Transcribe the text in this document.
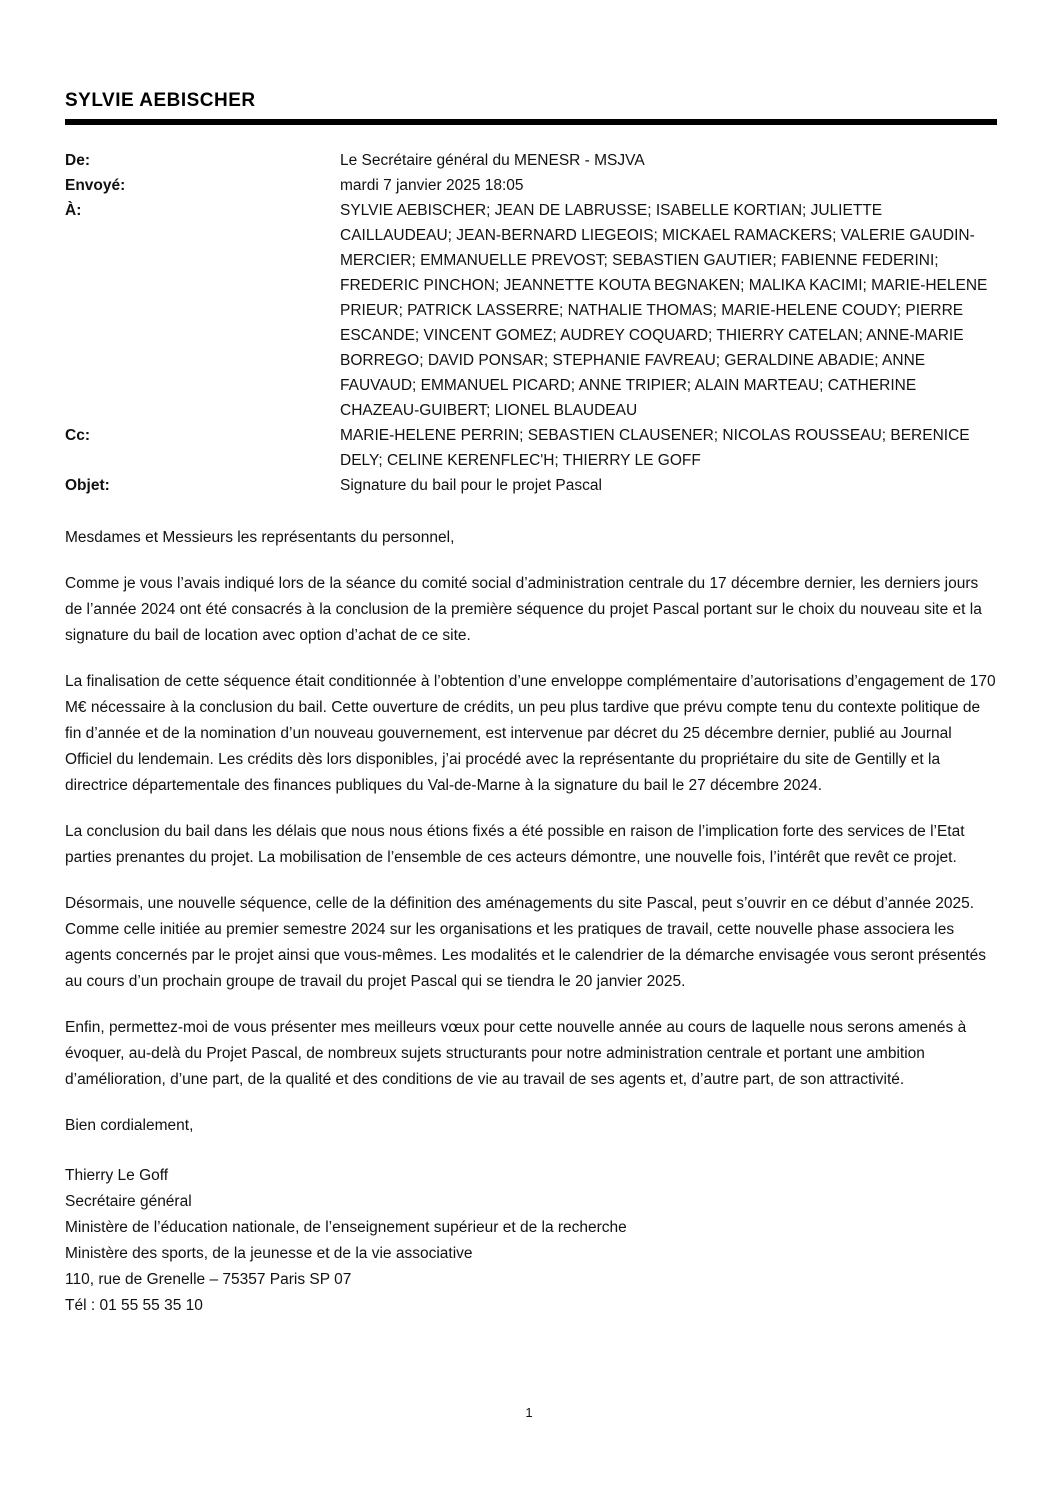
SYLVIE AEBISCHER
De:	Le Secrétaire général du MENESR - MSJVA
Envoyé:	mardi 7 janvier 2025 18:05
À:	SYLVIE AEBISCHER; JEAN DE LABRUSSE; ISABELLE KORTIAN; JULIETTE CAILLAUDEAU; JEAN-BERNARD LIEGEOIS; MICKAEL RAMACKERS; VALERIE GAUDIN-MERCIER; EMMANUELLE PREVOST; SEBASTIEN GAUTIER; FABIENNE FEDERINI; FREDERIC PINCHON; JEANNETTE KOUTA BEGNAKEN; MALIKA KACIMI; MARIE-HELENE PRIEUR; PATRICK LASSERRE; NATHALIE THOMAS; MARIE-HELENE COUDY; PIERRE ESCANDE; VINCENT GOMEZ; AUDREY COQUARD; THIERRY CATELAN; ANNE-MARIE BORREGO; DAVID PONSAR; STEPHANIE FAVREAU; GERALDINE ABADIE; ANNE FAUVAUD; EMMANUEL PICARD; ANNE TRIPIER; ALAIN MARTEAU; CATHERINE CHAZEAU-GUIBERT; LIONEL BLAUDEAU
Cc:	MARIE-HELENE PERRIN; SEBASTIEN CLAUSENER; NICOLAS ROUSSEAU; BERENICE DELY; CELINE KERENFLEC'H; THIERRY LE GOFF
Objet:	Signature du bail pour le projet Pascal

Mesdames et Messieurs les représentants du personnel,

Comme je vous l’avais indiqué lors de la séance du comité social d’administration centrale du 17 décembre dernier, les derniers jours de l’année 2024 ont été consacrés à la conclusion de la première séquence du projet Pascal portant sur le choix du nouveau site et la signature du bail de location avec option d’achat de ce site.

La finalisation de cette séquence était conditionnée à l’obtention d’une enveloppe complémentaire d’autorisations d’engagement de 170 M€ nécessaire à la conclusion du bail. Cette ouverture de crédits, un peu plus tardive que prévu compte tenu du contexte politique de fin d’année et de la nomination d’un nouveau gouvernement, est intervenue par décret du 25 décembre dernier, publié au Journal Officiel du lendemain. Les crédits dès lors disponibles, j’ai procédé avec la représentante du propriétaire du site de Gentilly et la directrice départementale des finances publiques du Val-de-Marne à la signature du bail le 27 décembre 2024.

La conclusion du bail dans les délais que nous nous étions fixés a été possible en raison de l’implication forte des services de l’Etat parties prenantes du projet. La mobilisation de l’ensemble de ces acteurs démontre, une nouvelle fois, l’intérêt que revêt ce projet.

Désormais, une nouvelle séquence, celle de la définition des aménagements du site Pascal, peut s’ouvrir en ce début d’année 2025. Comme celle initiée au premier semestre 2024 sur les organisations et les pratiques de travail, cette nouvelle phase associera les agents concernés par le projet ainsi que vous-mêmes. Les modalités et le calendrier de la démarche envisagée vous seront présentés au cours d’un prochain groupe de travail du projet Pascal qui se tiendra le 20 janvier 2025.

Enfin, permettez-moi de vous présenter mes meilleurs vœux pour cette nouvelle année au cours de laquelle nous serons amenés à évoquer, au-delà du Projet Pascal, de nombreux sujets structurants pour notre administration centrale et portant une ambition d’amélioration, d’une part, de la qualité et des conditions de vie au travail de ses agents et, d’autre part, de son attractivité.

Bien cordialement,

Thierry Le Goff
Secrétaire général
Ministère de l’éducation nationale, de l’enseignement supérieur et de la recherche
Ministère des sports, de la jeunesse et de la vie associative
110, rue de Grenelle – 75357 Paris SP 07
Tél : 01 55 55 35 10
1
